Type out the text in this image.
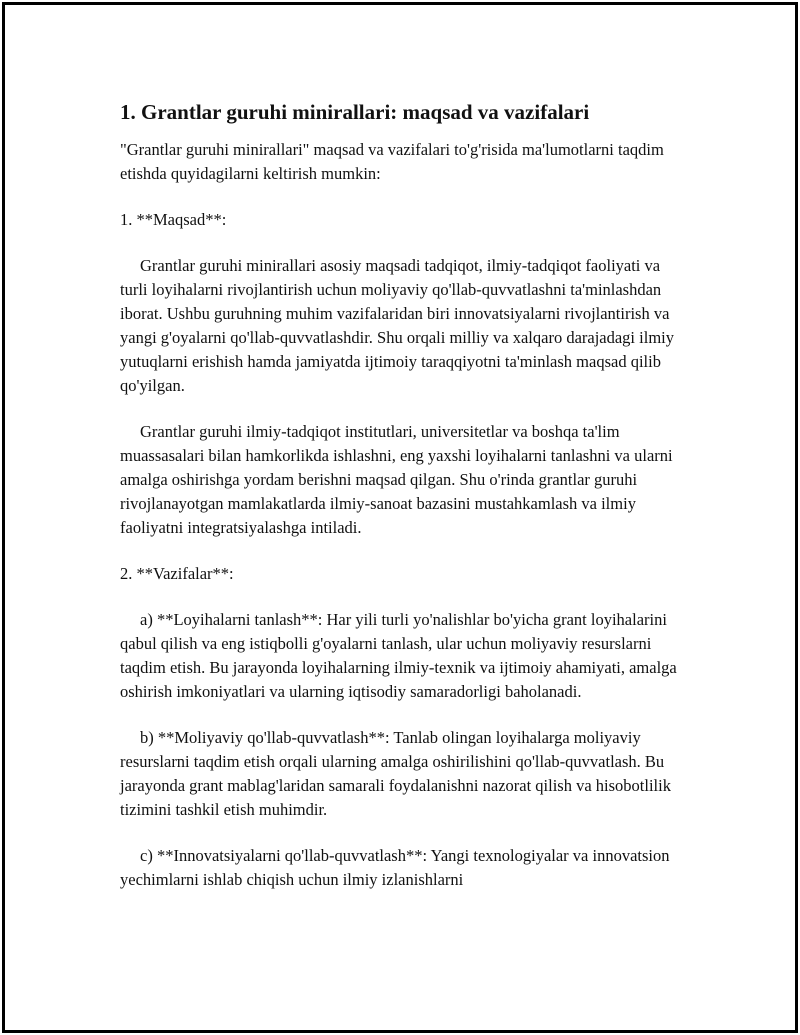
1. Grantlar guruhi minirallari: maqsad va vazifalari

"Grantlar guruhi minirallari" maqsad va vazifalari to'g'risida ma'lumotlarni taqdim etishda quyidagilarni keltirish mumkin:

1. **Maqsad**:

Grantlar guruhi minirallari asosiy maqsadi tadqiqot, ilmiy-tadqiqot faoliyati va turli loyihalarni rivojlantirish uchun moliyaviy qo'llab-quvvatlashni ta'minlashdan iborat. Ushbu guruhning muhim vazifalaridan biri innovatsiyalarni rivojlantirish va yangi g'oyalarni qo'llab-quvvatlashdir. Shu orqali milliy va xalqaro darajadagi ilmiy yutuqlarni erishish hamda jamiyatda ijtimoiy taraqqiyotni ta'minlash maqsad qilib qo'yilgan.

Grantlar guruhi ilmiy-tadqiqot institutlari, universitetlar va boshqa ta'lim muassasalari bilan hamkorlikda ishlashni, eng yaxshi loyihalarni tanlashni va ularni amalga oshirishga yordam berishni maqsad qilgan. Shu o'rinda grantlar guruhi rivojlanayotgan mamlakatlarda ilmiy-sanoat bazasini mustahkamlash va ilmiy faoliyatni integratsiyalashga intiladi.

2. **Vazifalar**:

a) **Loyihalarni tanlash**: Har yili turli yo'nalishlar bo'yicha grant loyihalarini qabul qilish va eng istiqbolli g'oyalarni tanlash, ular uchun moliyaviy resurslarni taqdim etish. Bu jarayonda loyihalarning ilmiy-texnik va ijtimoiy ahamiyati, amalga oshirish imkoniyatlari va ularning iqtisodiy samaradorligi baholanadi.

b) **Moliyaviy qo'llab-quvvatlash**: Tanlab olingan loyihalarga moliyaviy resurslarni taqdim etish orqali ularning amalga oshirilishini qo'llab-quvvatlash. Bu jarayonda grant mablag'laridan samarali foydalanishni nazorat qilish va hisobotlilik tizimini tashkil etish muhimdir.

c) **Innovatsiyalarni qo'llab-quvvatlash**: Yangi texnologiyalar va innovatsion yechimlarni ishlab chiqish uchun ilmiy izlanishlarni
